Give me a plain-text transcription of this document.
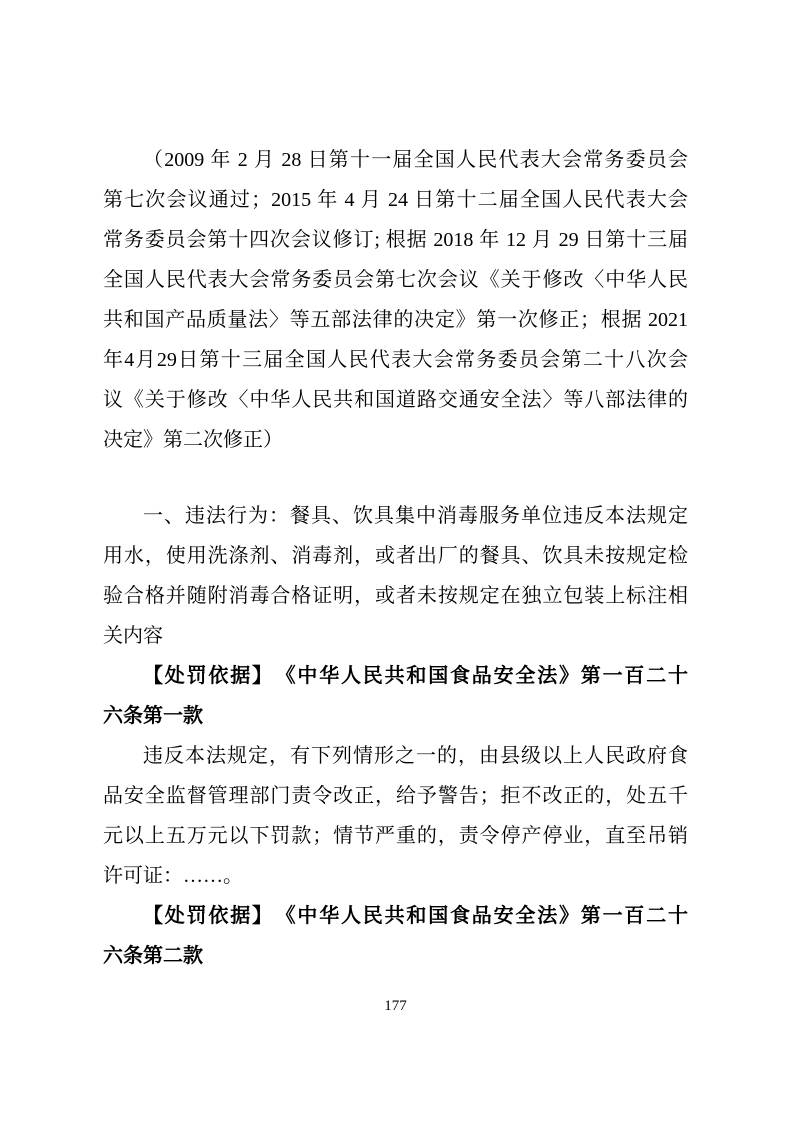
（2009 年 2 月 28 日第十一届全国人民代表大会常务委员会
第七次会议通过；2015 年 4 月 24 日第十二届全国人民代表大会
常务委员会第十四次会议修订; 根据 2018 年 12 月 29 日第十三届
全国人民代表大会常务委员会第七次会议《关于修改〈中华人民
共和国产品质量法〉等五部法律的决定》第一次修正；根据 2021
年4月29日第十三届全国人民代表大会常务委员会第二十八次会
议《关于修改〈中华人民共和国道路交通安全法〉等八部法律的
决定》第二次修正）

一、违法行为：餐具、饮具集中消毒服务单位违反本法规定
用水，使用洗涤剂、消毒剂，或者出厂的餐具、饮具未按规定检
验合格并随附消毒合格证明，或者未按规定在独立包装上标注相
关内容

【处罚依据】　《中华人民共和国食品安全法》第一百二十
六条第一款

违反本法规定，有下列情形之一的，由县级以上人民政府食
品安全监督管理部门责令改正，给予警告；拒不改正的，处五千
元以上五万元以下罚款；情节严重的，责令停产停业，直至吊销
许可证：……。

【处罚依据】　《中华人民共和国食品安全法》第一百二十
六条第二款

177
